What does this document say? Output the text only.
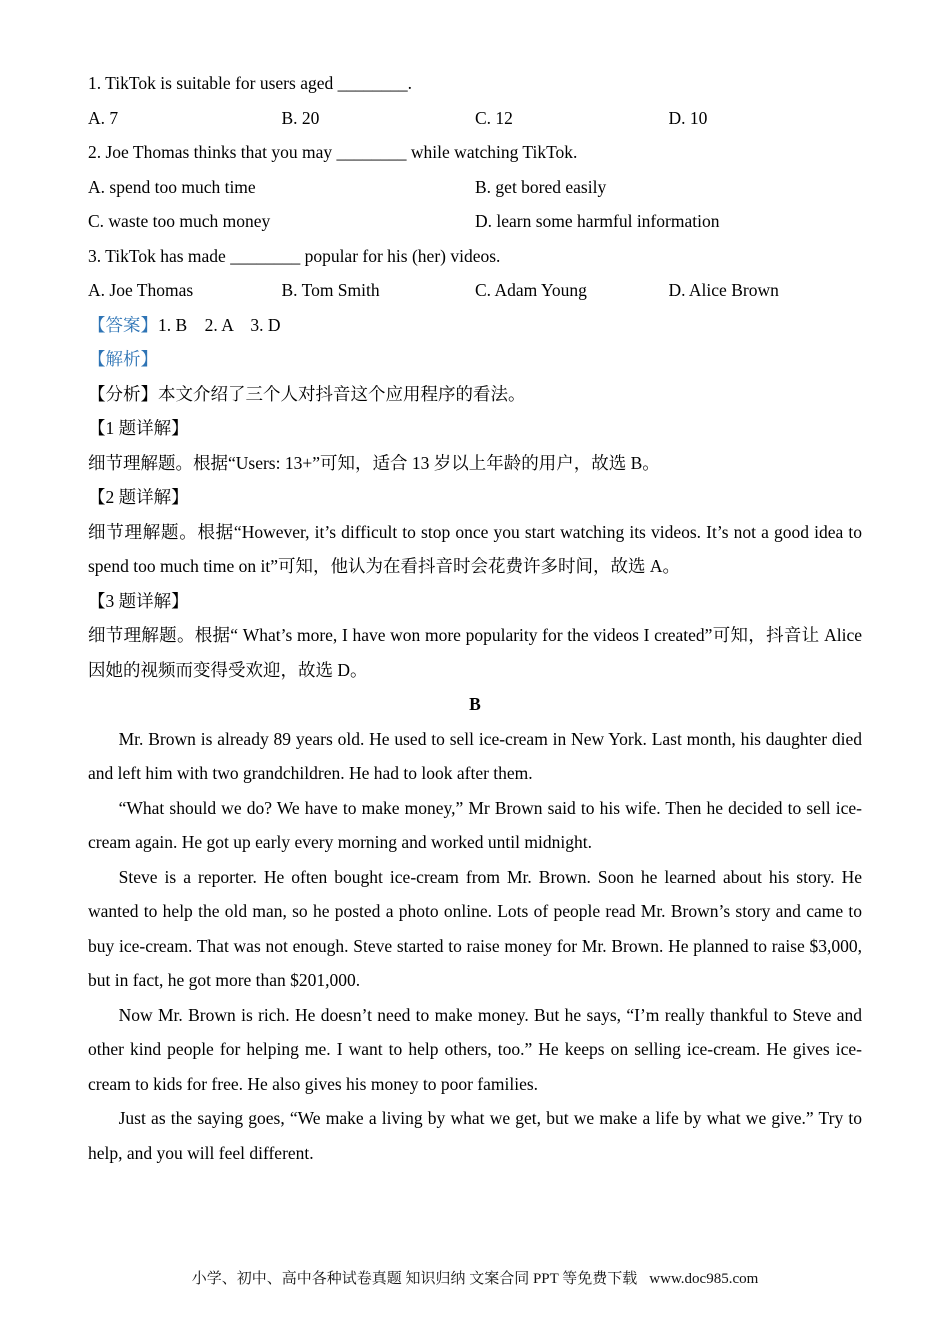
1. TikTok is suitable for users aged ________.

A. 7	B. 20	C. 12	D. 10

2. Joe Thomas thinks that you may ________ while watching TikTok.

A. spend too much time	B. get bored easily
C. waste too much money	D. learn some harmful information

3. TikTok has made ________ popular for his (her) videos.

A. Joe Thomas	B. Tom Smith	C. Adam Young	D. Alice Brown

【答案】1. B    2. A    3. D

【解析】

【分析】本文介绍了三个人对抖音这个应用程序的看法。

【1 题详解】

细节理解题。根据“Users: 13+”可知，适合 13 岁以上年龄的用户，故选 B。

【2 题详解】

细节理解题。根据“However, it’s difficult to stop once you start watching its videos. It’s not a good idea to spend too much time on it”可知，他认为在看抖音时会花费许多时间，故选 A。

【3 题详解】

细节理解题。根据“ What’s more, I have won more popularity for the videos I created”可知，抖音让 Alice 因她的视频而变得受欢迎，故选 D。

B

Mr. Brown is already 89 years old. He used to sell ice-cream in New York. Last month, his daughter died and left him with two grandchildren. He had to look after them.

“What should we do? We have to make money,” Mr Brown said to his wife. Then he decided to sell ice-cream again. He got up early every morning and worked until midnight.

Steve is a reporter. He often bought ice-cream from Mr. Brown. Soon he learned about his story. He wanted to help the old man, so he posted a photo online. Lots of people read Mr. Brown’s story and came to buy ice-cream. That was not enough. Steve started to raise money for Mr. Brown. He planned to raise $3,000, but in fact, he got more than $201,000.

Now Mr. Brown is rich. He doesn’t need to make money. But he says, “I’m really thankful to Steve and other kind people for helping me. I want to help others, too.” He keeps on selling ice-cream. He gives ice-cream to kids for free. He also gives his money to poor families.

Just as the saying goes, “We make a living by what we get, but we make a life by what we give.” Try to help, and you will feel different.

小学、初中、高中各种试卷真题 知识归纳 文案合同 PPT 等免费下载 www.doc985.com
